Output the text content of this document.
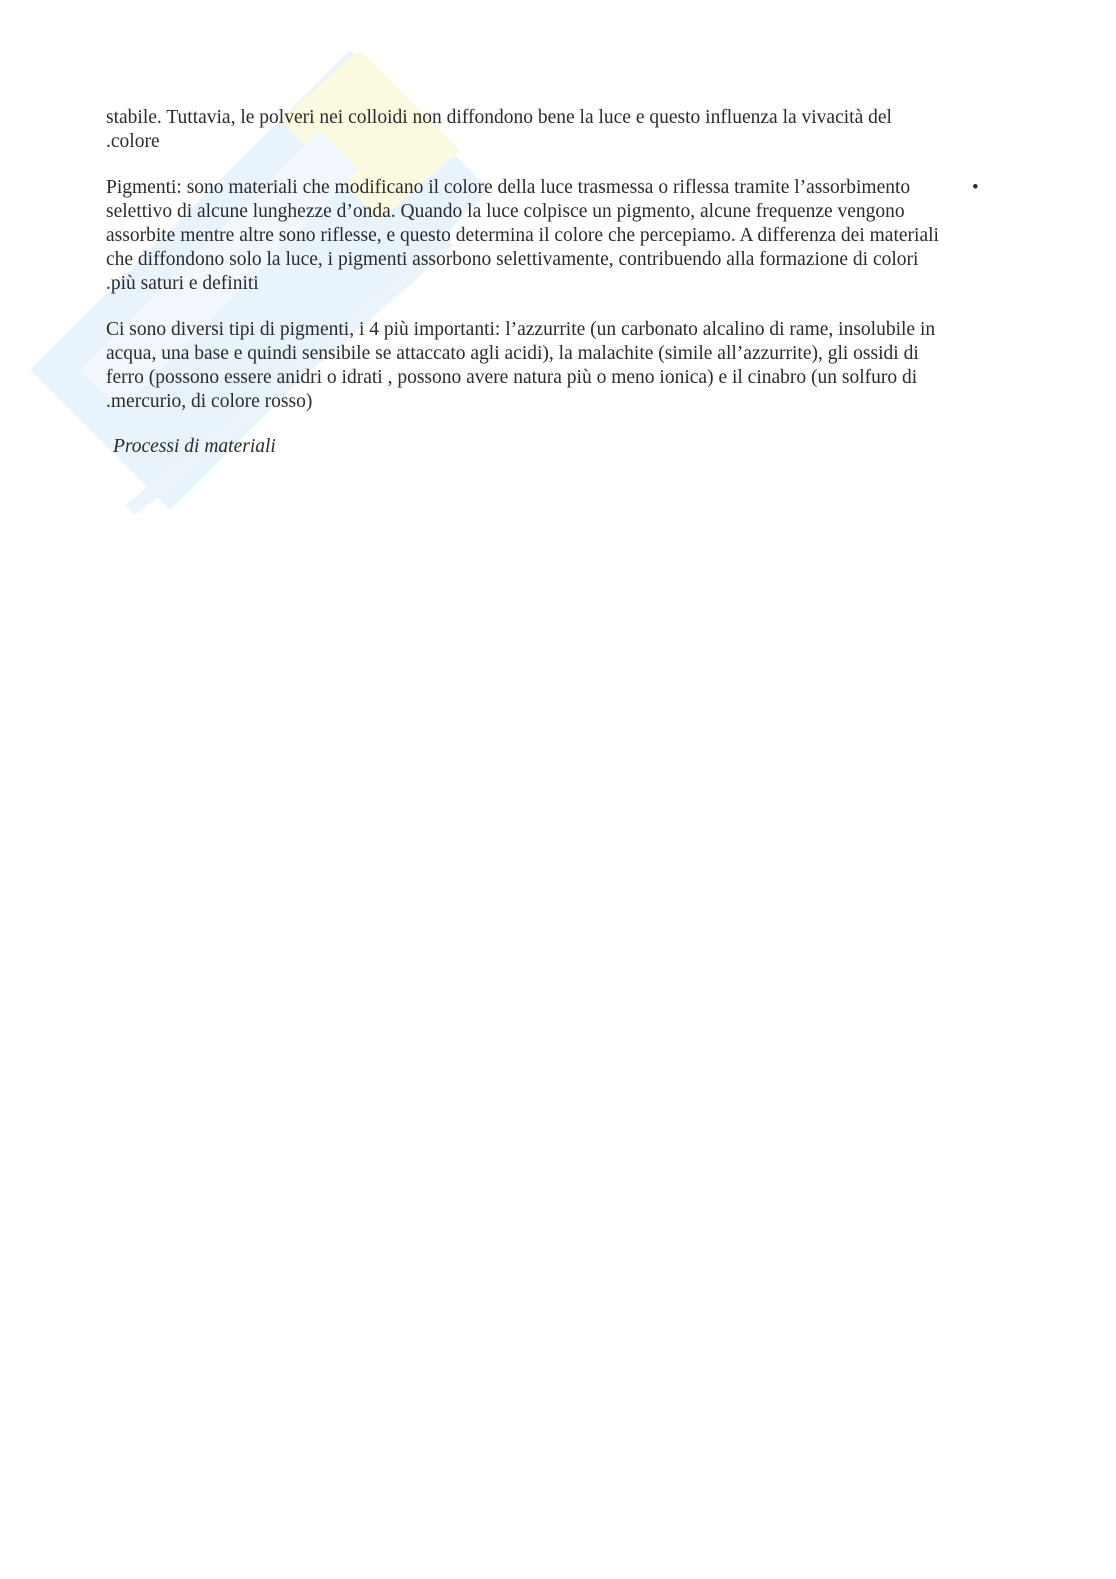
stabile. Tuttavia, le polveri nei colloidi non diffondono bene la luce e questo influenza la vivacità del
.colore

•
Pigmenti: sono materiali che modificano il colore della luce trasmessa o riflessa tramite l’assorbimento
selettivo di alcune lunghezze d’onda. Quando la luce colpisce un pigmento, alcune frequenze vengono
assorbite mentre altre sono riflesse, e questo determina il colore che percepiamo. A differenza dei materiali
che diffondono solo la luce, i pigmenti assorbono selettivamente, contribuendo alla formazione di colori
.più saturi e definiti

Ci sono diversi tipi di pigmenti, i 4 più importanti: l’azzurrite (un carbonato alcalino di rame, insolubile in
acqua, una base e quindi sensibile se attaccato agli acidi), la malachite (simile all’azzurrite), gli ossidi di
ferro (possono essere anidri o idrati , possono avere natura più o meno ionica) e il cinabro (un solfuro di
.mercurio, di colore rosso)

Processi di materiali
